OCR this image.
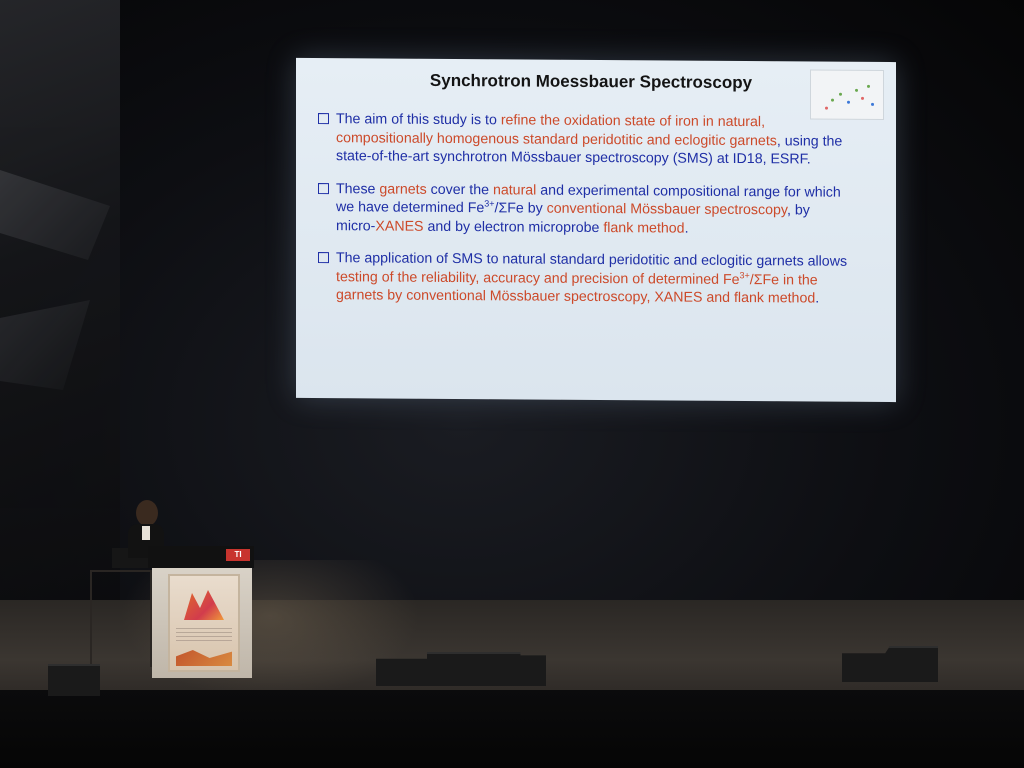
Synchrotron Moessbauer Spectroscopy
The aim of this study is to refine the oxidation state of iron in natural, compositionally homogenous standard peridotitic and eclogitic garnets, using the state-of-the-art synchrotron Mössbauer spectroscopy (SMS) at ID18, ESRF.
These garnets cover the natural and experimental compositional range for which we have determined $Fe^{3+}$/ΣFe by conventional Mössbauer spectroscopy, by micro-XANES and by electron microprobe flank method.
The application of SMS to natural standard peridotitic and eclogitic garnets allows testing of the reliability, accuracy and precision of determined $Fe^{3+}$/ΣFe in the garnets by conventional Mössbauer spectroscopy, XANES and flank method.
TI
